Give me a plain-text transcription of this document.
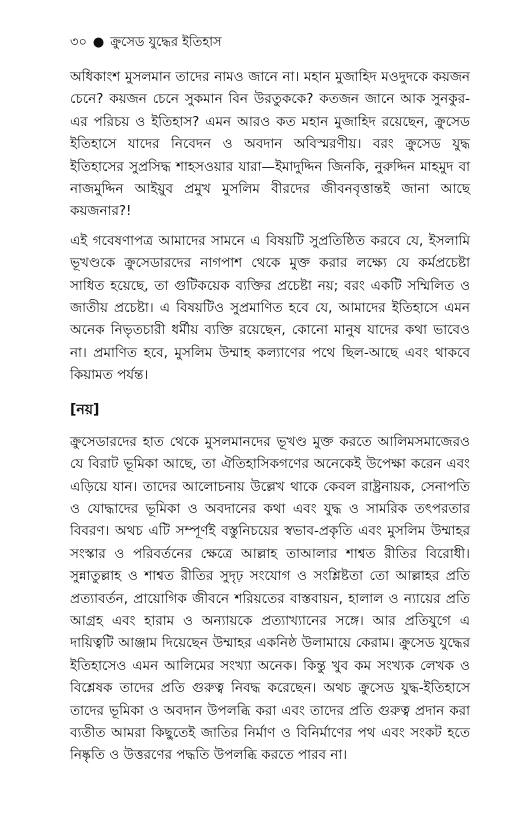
৩০ ● ক্রুসেড যুদ্ধের ইতিহাস

অধিকাংশ মুসলমান তাদের নামও জানে না। মহান মুজাহিদ মওদুদকে কয়জন চেনে? কয়জন চেনে সুকমান বিন উরতুককে? কতজন জানে আক সুনকুর-এর পরিচয় ও ইতিহাস? এমন আরও কত মহান মুজাহিদ রয়েছেন, ক্রুসেড ইতিহাসে যাদের নিবেদন ও অবদান অবিস্মরণীয়। বরং ক্রুসেড যুদ্ধ ইতিহাসের সুপ্রসিদ্ধ শাহসওয়ার যারা—ইমাদুদ্দিন জিনকি, নুরুদ্দিন মাহমুদ বা নাজমুদ্দিন আইয়ুব প্রমুখ মুসলিম বীরদের জীবনবৃত্তান্তই জানা আছে কয়জনার?!

এই গবেষণাপত্র আমাদের সামনে এ বিষয়টি সুপ্রতিষ্ঠিত করবে যে, ইসলামি ভূখণ্ডকে ক্রুসেডারদের নাগপাশ থেকে মুক্ত করার লক্ষ্যে যে কর্মপ্রচেষ্টা সাধিত হয়েছে, তা গুটিকয়েক ব্যক্তির প্রচেষ্টা নয়; বরং একটি সম্মিলিত ও জাতীয় প্রচেষ্টা। এ বিষয়টিও সুপ্রমাণিত হবে যে, আমাদের ইতিহাসে এমন অনেক নিভৃতচারী ধর্মীয় ব্যক্তি রয়েছেন, কোনো মানুষ যাদের কথা ভাবেও না। প্রমাণিত হবে, মুসলিম উম্মাহ কল্যাণের পথে ছিল-আছে এবং থাকবে কিয়ামত পর্যন্ত।

[নয়]

ক্রুসেডারদের হাত থেকে মুসলমানদের ভূখণ্ড মুক্ত করতে আলিমসমাজেরও যে বিরাট ভূমিকা আছে, তা ঐতিহাসিকগণের অনেকেই উপেক্ষা করেন এবং এড়িয়ে যান। তাদের আলোচনায় উল্লেখ থাকে কেবল রাষ্ট্রনায়ক, সেনাপতি ও যোদ্ধাদের ভূমিকা ও অবদানের কথা এবং যুদ্ধ ও সামরিক তৎপরতার বিবরণ। অথচ এটি সম্পূর্ণই বস্তুনিচয়ের স্বভাব-প্রকৃতি এবং মুসলিম উম্মাহর সংস্কার ও পরিবর্তনের ক্ষেত্রে আল্লাহ তাআলার শাশ্বত রীতির বিরোধী। সুন্নাতুল্লাহ ও শাশ্বত রীতির সুদৃঢ় সংযোগ ও সংশ্লিষ্টতা তো আল্লাহর প্রতি প্রত্যাবর্তন, প্রায়োগিক জীবনে শরিয়তের বাস্তবায়ন, হালাল ও ন্যায়ের প্রতি আগ্রহ এবং হারাম ও অন্যায়কে প্রত্যাখ্যানের সঙ্গে। আর প্রতিযুগে এ দায়িত্বটি আঞ্জাম দিয়েছেন উম্মাহর একনিষ্ঠ উলামায়ে কেরাম। ক্রুসেড যুদ্ধের ইতিহাসেও এমন আলিমের সংখ্যা অনেক। কিন্তু খুব কম সংখ্যক লেখক ও বিশ্লেষক তাদের প্রতি গুরুত্ব নিবদ্ধ করেছেন। অথচ ক্রুসেড যুদ্ধ-ইতিহাসে তাদের ভূমিকা ও অবদান উপলব্ধি করা এবং তাদের প্রতি গুরুত্ব প্রদান করা ব্যতীত আমরা কিছুতেই জাতির নির্মাণ ও বিনির্মাণের পথ এবং সংকট হতে নিষ্কৃতি ও উত্তরণের পদ্ধতি উপলব্ধি করতে পারব না।
